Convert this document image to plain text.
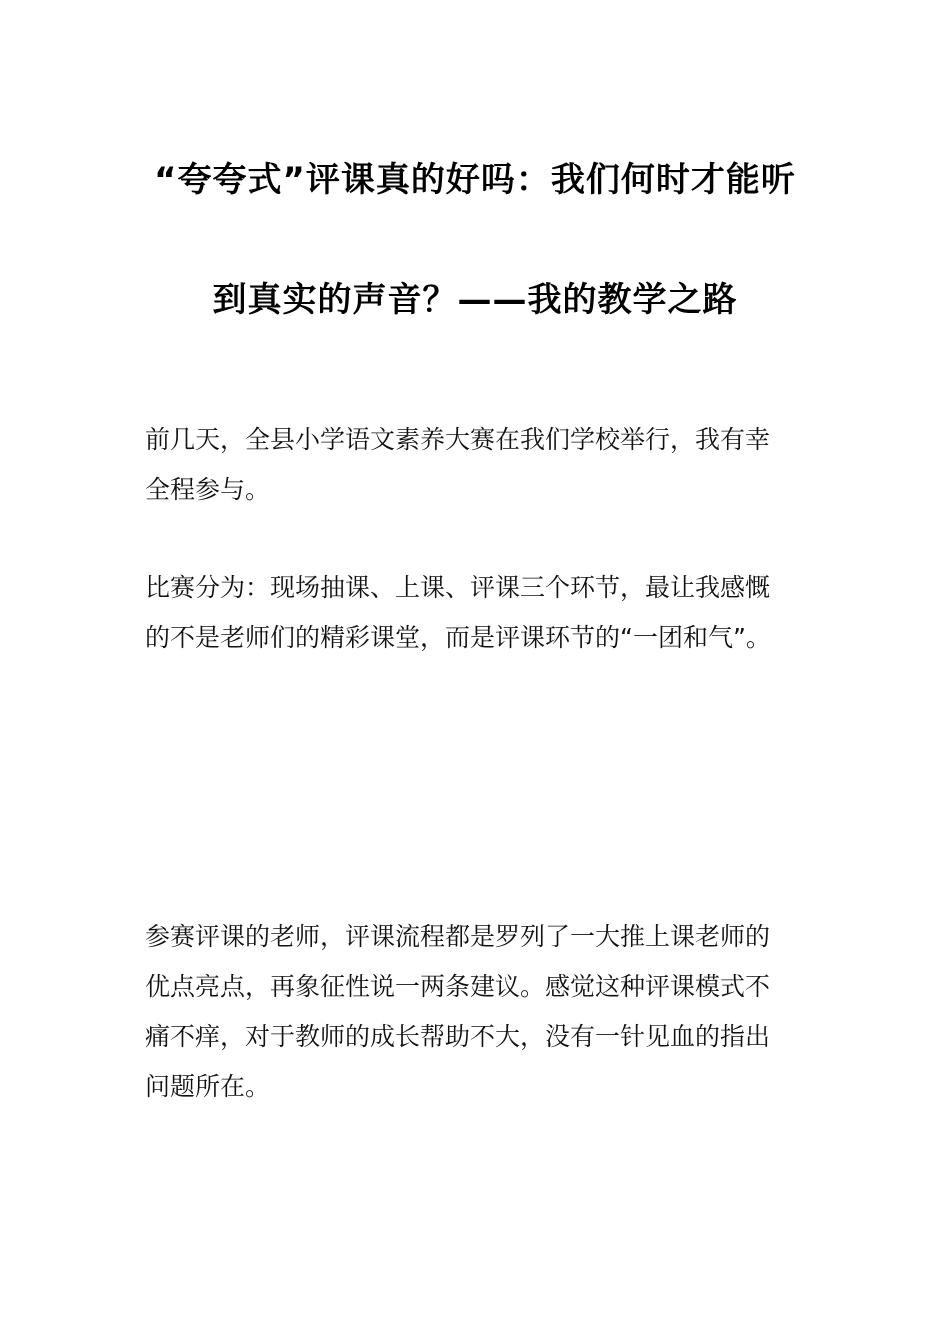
“夸夸式”评课真的好吗：我们何时才能听
到真实的声音？——我的教学之路

前几天，全县小学语文素养大赛在我们学校举行，我有幸
全程参与。

比赛分为：现场抽课、上课、评课三个环节，最让我感慨
的不是老师们的精彩课堂，而是评课环节的“一团和气”。

参赛评课的老师，评课流程都是罗列了一大推上课老师的
优点亮点，再象征性说一两条建议。感觉这种评课模式不
痛不痒，对于教师的成长帮助不大，没有一针见血的指出
问题所在。
